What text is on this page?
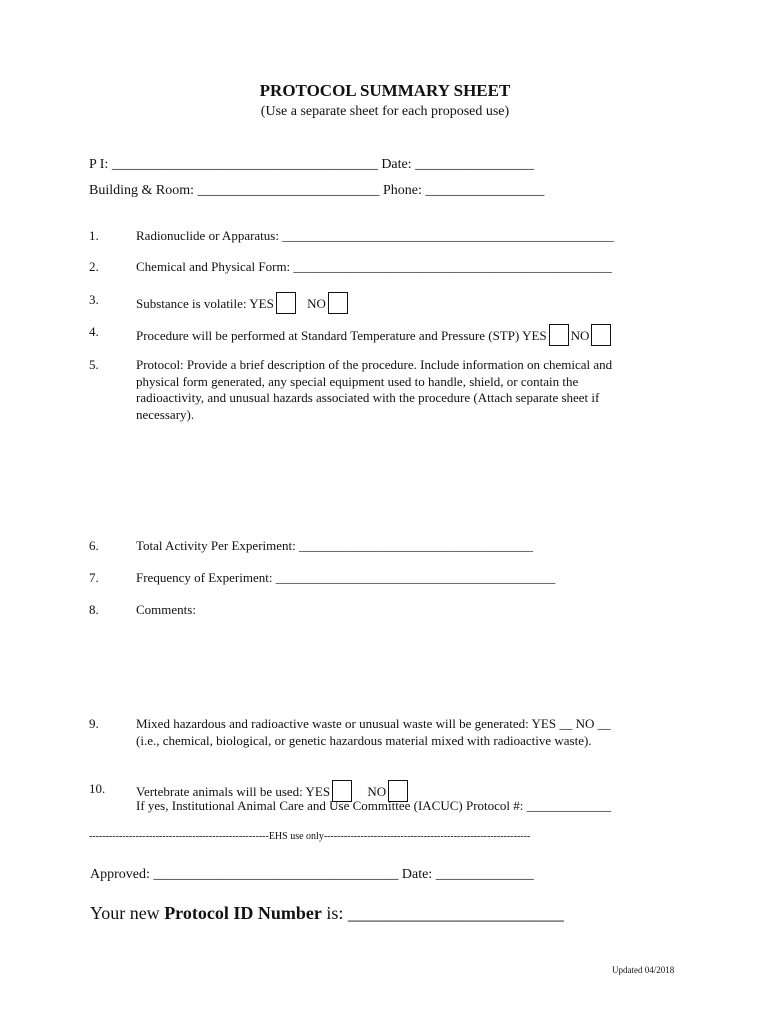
PROTOCOL SUMMARY SHEET
(Use a separate sheet for each proposed use)
P I: ______________________________________ Date: _________________
Building & Room: __________________________ Phone: _________________
1.	Radionuclide or Apparatus: ___________________________________________________
2.	Chemical and Physical Form: _________________________________________________
3.	Substance is volatile: YES	NO
4.	Procedure will be performed at Standard Temperature and Pressure (STP) YES NO
5.	Protocol: Provide a brief description of the procedure. Include information on chemical and physical form generated, any special equipment used to handle, shield, or contain the radioactivity, and unusual hazards associated with the procedure (Attach separate sheet if necessary).
6.	Total Activity Per Experiment: ____________________________________
7.	Frequency of Experiment: ___________________________________________
8.	Comments:
9.	Mixed hazardous and radioactive waste or unusual waste will be generated: YES __ NO __
(i.e., chemical, biological, or genetic hazardous material mixed with radioactive waste).
10. Vertebrate animals will be used: YES	NO
If yes, Institutional Animal Care and Use Committee (IACUC) Protocol #: _____________
------------------------------------------------------EHS use only--------------------------------------------------------------
Approved: ___________________________________ Date: ______________
Your new Protocol ID Number is: ________________________
Updated 04/2018
